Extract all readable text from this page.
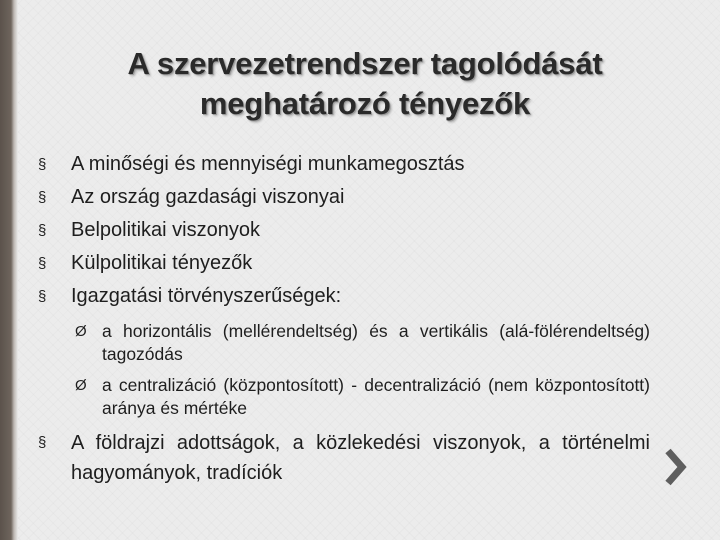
A szervezetrendszer tagolódását
meghatározó tényezők
§	A minőségi és mennyiségi munkamegosztás
§	Az ország gazdasági viszonyai
§	Belpolitikai viszonyok
§	Külpolitikai tényezők
§	Igazgatási törvényszerűségek:
Ø a horizontális (mellérendeltség) és a vertikális (alá-fölérendeltség) tagozódás
Ø a centralizáció (központosított) - decentralizáció (nem központosított) aránya és mértéke
§	A földrajzi adottságok, a közlekedési viszonyok, a történelmi hagyományok, tradíciók
